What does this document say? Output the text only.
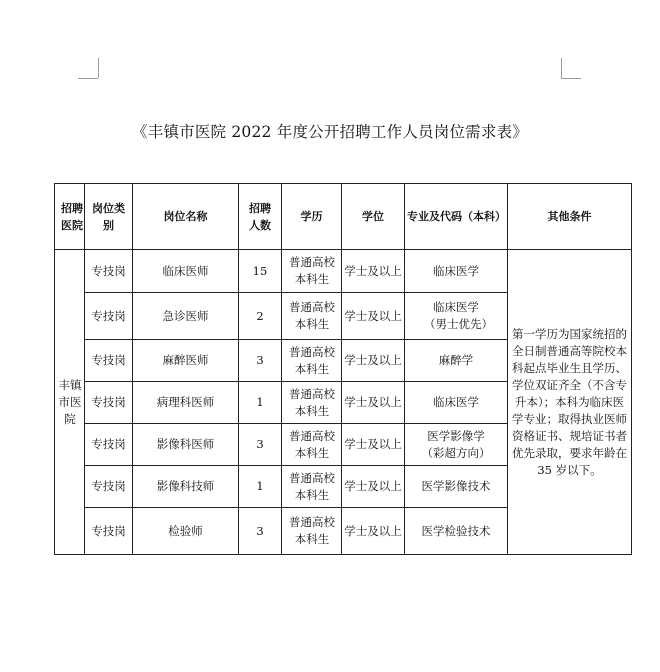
《丰镇市医院 2022 年度公开招聘工作人员岗位需求表》
招聘医院	岗位类别	岗位名称	招聘人数	学历	学位	专业及代码（本科）	其他条件
丰镇市医院	专技岗	临床医师	15	普通高校本科生	学士及以上	临床医学	第一学历为国家统招的全日制普通高等院校本科起点毕业生且学历、学位双证齐全（不含专升本）；本科为临床医学专业；取得执业医师资格证书、规培证书者优先录取，要求年龄在 35 岁以下。
	专技岗	急诊医师	2	普通高校本科生	学士及以上	临床医学（男士优先）	
	专技岗	麻醉医师	3	普通高校本科生	学士及以上	麻醉学	
	专技岗	病理科医师	1	普通高校本科生	学士及以上	临床医学	
	专技岗	影像科医师	3	普通高校本科生	学士及以上	医学影像学（彩超方向）	
	专技岗	影像科技师	1	普通高校本科生	学士及以上	医学影像技术	
	专技岗	检验师	3	普通高校本科生	学士及以上	医学检验技术	
